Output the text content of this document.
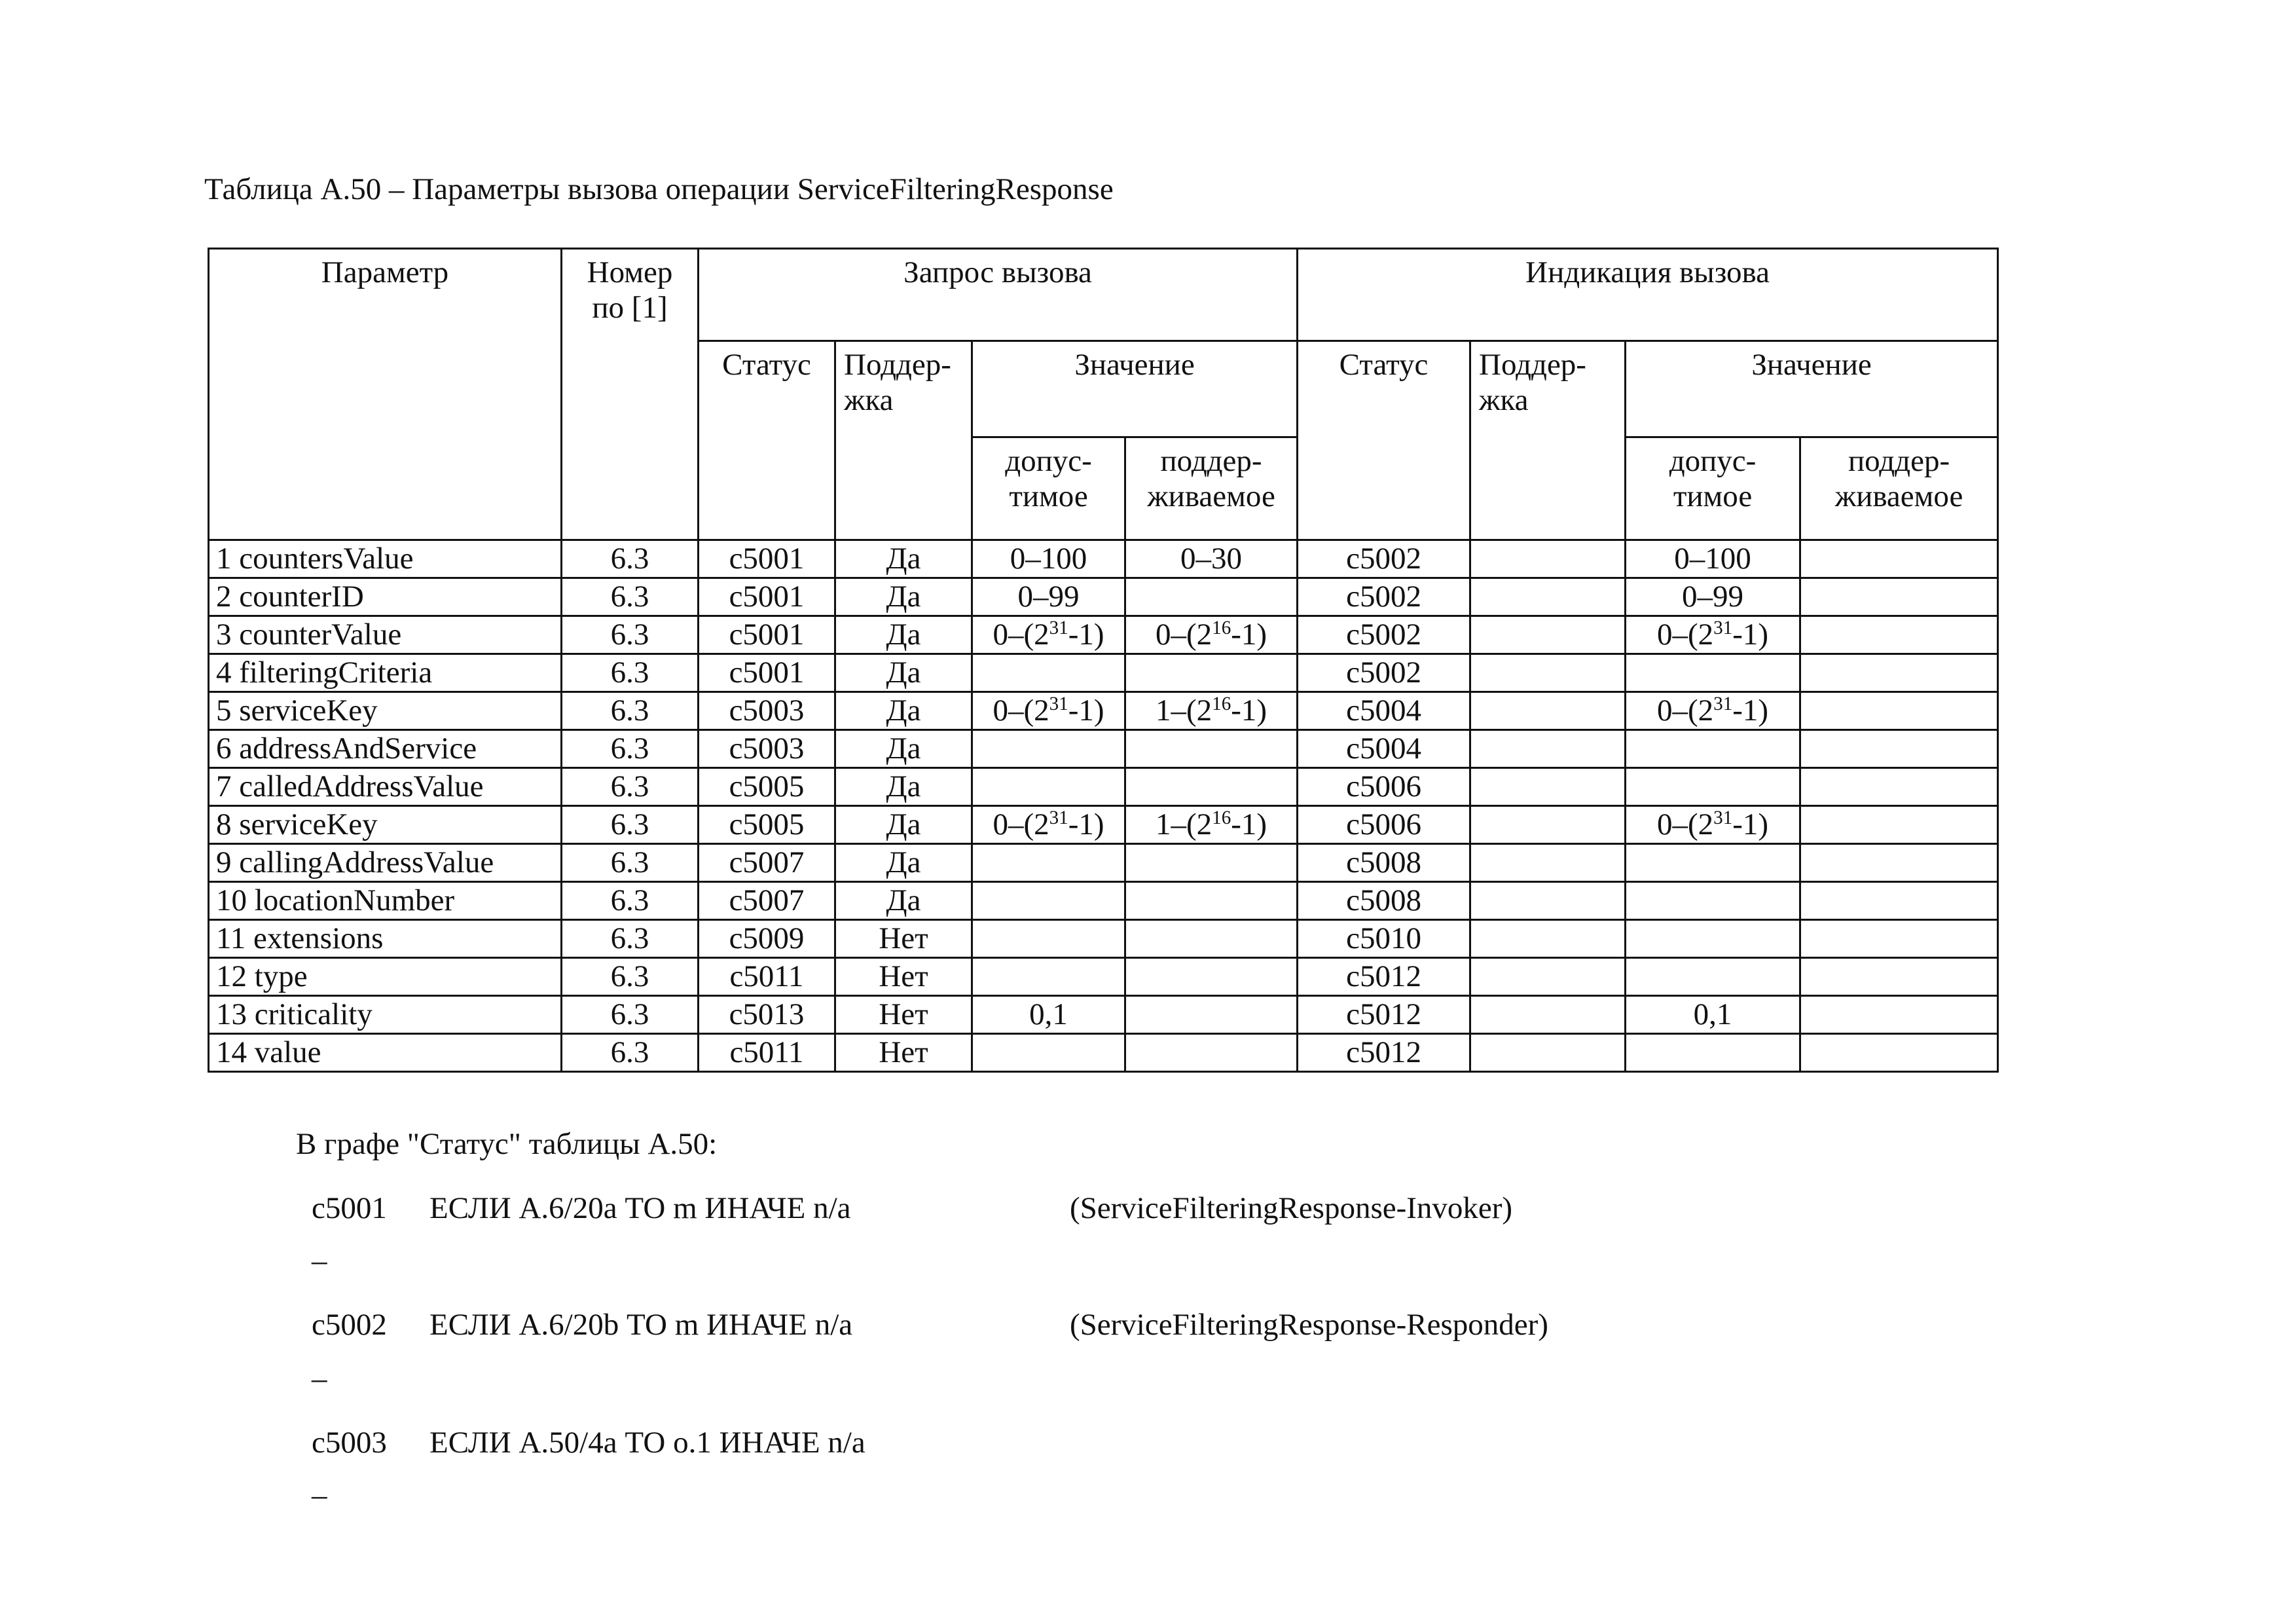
Таблица А.50 – Параметры вызова операции ServiceFilteringResponse
Параметр	Номер по [1]	Запрос вызова				Индикация вызова			
		Статус	Поддер-жка	Значение		Статус	Поддер-жка	Значение	
				допус-тимое	поддер-живаемое			допус-тимое	поддер-живаемое
1 countersValue	6.3	c5001	Да	0–100	0–30	c5002		0–100	
2 counterID	6.3	c5001	Да	0–99		c5002		0–99	
3 counterValue	6.3	c5001	Да	$0-(2^{31}-1)$	$0-(2^{16}-1)$	c5002		$0-(2^{31}-1)$	
4 filteringCriteria	6.3	c5001	Да			c5002			
5 serviceKey	6.3	c5003	Да	$0-(2^{31}-1)$	$1-(2^{16}-1)$	c5004		$0-(2^{31}-1)$	
6 addressAndService	6.3	c5003	Да			c5004			
7 calledAddressValue	6.3	c5005	Да			c5006			
8 serviceKey	6.3	c5005	Да	$0-(2^{31}-1)$	$1-(2^{16}-1)$	c5006		$0-(2^{31}-1)$	
9 callingAddressValue	6.3	c5007	Да			c5008			
10 locationNumber	6.3	c5007	Да			c5008			
11 extensions	6.3	c5009	Нет			c5010			
12 type	6.3	c5011	Нет			c5012			
13 criticality	6.3	c5013	Нет	0,1		c5012		0,1	
14 value	6.3	c5011	Нет			c5012			
В графе "Статус" таблицы А.50:
c5001 ЕСЛИ А.6/20а ТО m ИНАЧЕ n/a	(ServiceFilteringResponse-Invoker)
–
c5002 ЕСЛИ А.6/20b ТО m ИНАЧЕ n/a	(ServiceFilteringResponse-Responder)
–
c5003 ЕСЛИ А.50/4а ТО o.1 ИНАЧЕ n/a
–
